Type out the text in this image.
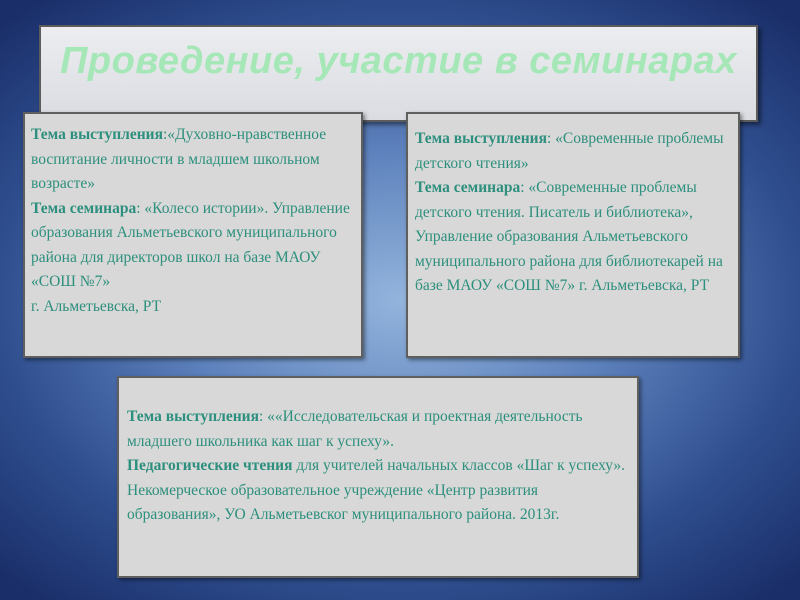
Проведение, участие в семинарах
Тема выступления:«Духовно-нравственное воспитание личности в младшем школьном возрасте»
Тема семинара: «Колесо истории». Управление образования Альметьевского муниципального района для директоров школ на базе МАОУ «СОШ №7»
г. Альметьевска, РТ
Тема выступления: «Современные проблемы детского чтения»
Тема семинара: «Современные проблемы детского чтения. Писатель и библиотека», Управление образования Альметьевского муниципального района для библиотекарей на базе МАОУ «СОШ №7» г. Альметьевска, РТ
Тема выступления: ««Исследовательская и проектная деятельность младшего школьника как шаг к успеху».
Педагогические чтения для учителей начальных классов «Шаг к успеху». Некомерческое образовательное учреждение «Центр развития образования», УО Альметьевског муниципального района. 2013г.
